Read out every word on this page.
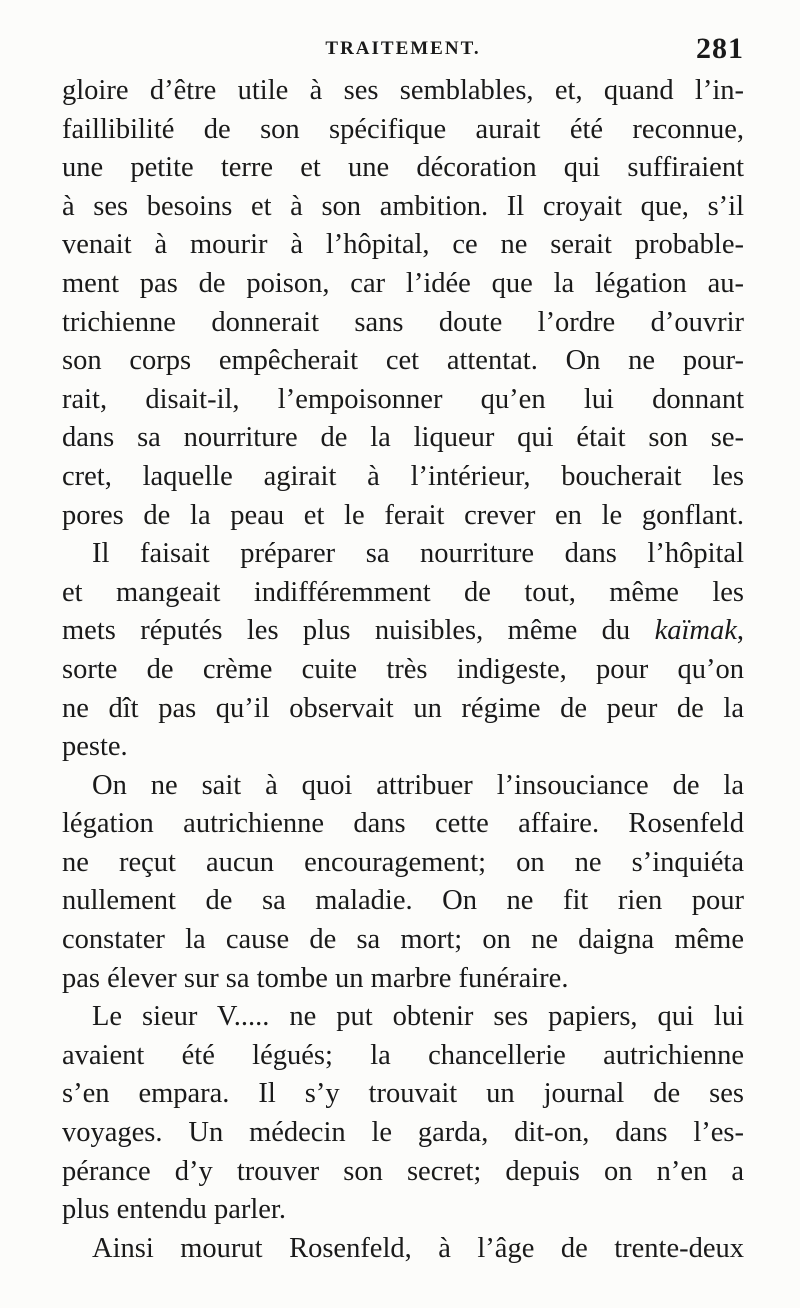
TRAITEMENT.	281
gloire d’être utile à ses semblables, et, quand l’in-
faillibilité de son spécifique aurait été reconnue,
une petite terre et une décoration qui suffiraient
à ses besoins et à son ambition. Il croyait que, s’il
venait à mourir à l’hôpital, ce ne serait probable-
ment pas de poison, car l’idée que la légation au-
trichienne donnerait sans doute l’ordre d’ouvrir
son corps empêcherait cet attentat. On ne pour-
rait, disait-il, l’empoisonner qu’en lui donnant
dans sa nourriture de la liqueur qui était son se-
cret, laquelle agirait à l’intérieur, boucherait les
pores de la peau et le ferait crever en le gonflant.
Il faisait préparer sa nourriture dans l’hôpital
et mangeait indifféremment de tout, même les
mets réputés les plus nuisibles, même du kaïmak,
sorte de crème cuite très indigeste, pour qu’on
ne dît pas qu’il observait un régime de peur de la
peste.
On ne sait à quoi attribuer l’insouciance de la
légation autrichienne dans cette affaire. Rosenfeld
ne reçut aucun encouragement; on ne s’inquiéta
nullement de sa maladie. On ne fit rien pour
constater la cause de sa mort; on ne daigna même
pas élever sur sa tombe un marbre funéraire.
Le sieur V..... ne put obtenir ses papiers, qui lui
avaient été légués; la chancellerie autrichienne
s’en empara. Il s’y trouvait un journal de ses
voyages. Un médecin le garda, dit-on, dans l’es-
pérance d’y trouver son secret; depuis on n’en a
plus entendu parler.
Ainsi mourut Rosenfeld, à l’âge de trente-deux
